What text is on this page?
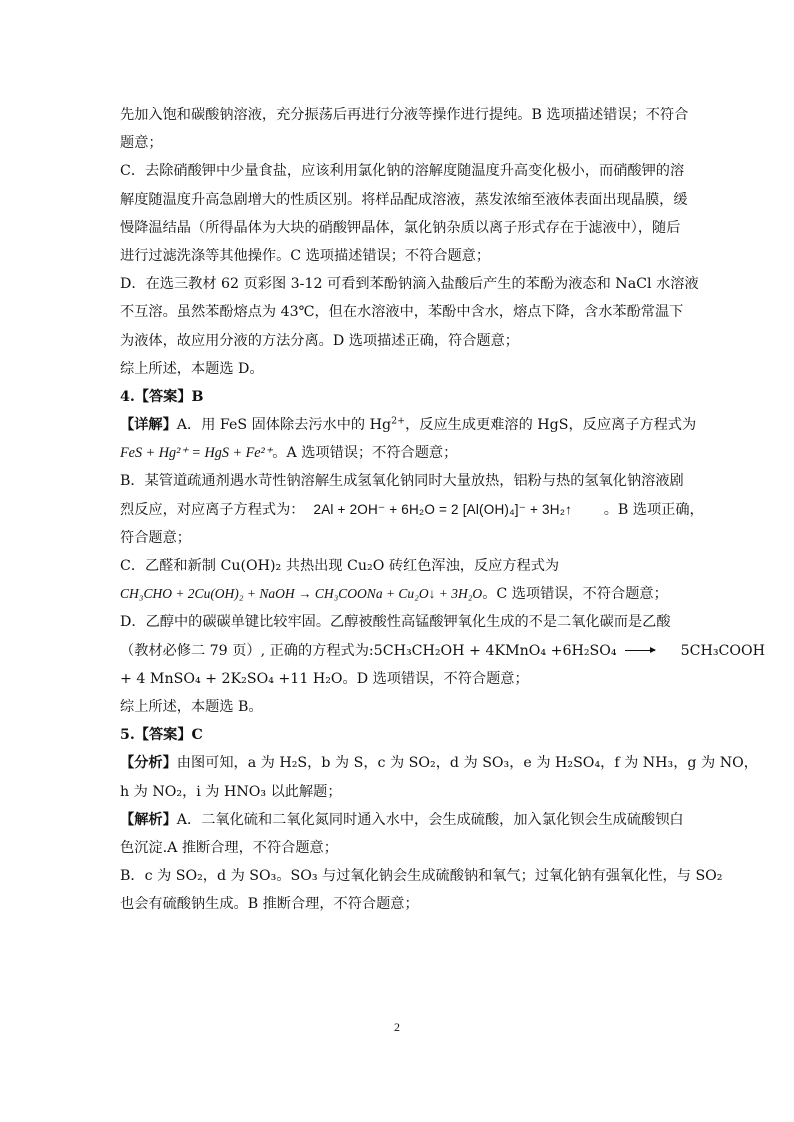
先加入饱和碳酸钠溶液，充分振荡后再进行分液等操作进行提纯。B 选项描述错误；不符合
题意；
C．去除硝酸钾中少量食盐，应该利用氯化钠的溶解度随温度升高变化极小，而硝酸钾的溶
解度随温度升高急剧增大的性质区别。将样品配成溶液，蒸发浓缩至液体表面出现晶膜，缓
慢降温结晶（所得晶体为大块的硝酸钾晶体，氯化钠杂质以离子形式存在于滤液中），随后
进行过滤洗涤等其他操作。C 选项描述错误；不符合题意；
D．在选三教材 62 页彩图 3-12 可看到苯酚钠滴入盐酸后产生的苯酚为液态和 NaCl 水溶液
不互溶。虽然苯酚熔点为 43℃，但在水溶液中，苯酚中含水，熔点下降，含水苯酚常温下
为液体，故应用分液的方法分离。D 选项描述正确，符合题意；
综上所述，本题选 D。
4.【答案】B
【详解】A．用 FeS 固体除去污水中的 $Hg^{2+}$，反应生成更难溶的 HgS，反应离子方程式为
FeS + Hg²⁺ = HgS + Fe²⁺。A 选项错误；不符合题意；
B．某管道疏通剂遇水苛性钠溶解生成氢氧化钠同时大量放热，铝粉与热的氢氧化钠溶液剧
烈反应，对应离子方程式为： 2Al + 2OH⁻ + 6H₂O = 2 [Al(OH)₄]⁻ + 3H₂↑ 。B 选项正确，
符合题意；
C．乙醛和新制 Cu(OH)₂ 共热出现 Cu₂O 砖红色浑浊，反应方程式为
CH₃CHO + 2Cu(OH)₂ + NaOH → CH₃COONa + Cu₂O↓ + 3H₂O。C 选项错误，不符合题意；
D．乙醇中的碳碳单键比较牢固。乙醇被酸性高锰酸钾氧化生成的不是二氧化碳而是乙酸
（教材必修二 79 页）, 正确的方程式为:5CH₃CH₂OH + 4KMnO₄ +6H₂SO₄ → 5CH₃COOH
+ 4 MnSO₄ + 2K₂SO₄ +11 H₂O。D 选项错误，不符合题意；
综上所述，本题选 B。
5.【答案】C
【分析】由图可知，a 为 H₂S，b 为 S，c 为 SO₂，d 为 SO₃，e 为 H₂SO₄，f 为 NH₃，g 为 NO，
h 为 NO₂，i 为 HNO₃ 以此解题；
【解析】A．二氧化硫和二氧化氮同时通入水中，会生成硫酸，加入氯化钡会生成硫酸钡白
色沉淀.A 推断合理，不符合题意；
B．c 为 SO₂，d 为 SO₃。SO₃ 与过氧化钠会生成硫酸钠和氧气；过氧化钠有强氧化性，与 SO₂
也会有硫酸钠生成。B 推断合理，不符合题意；
2
